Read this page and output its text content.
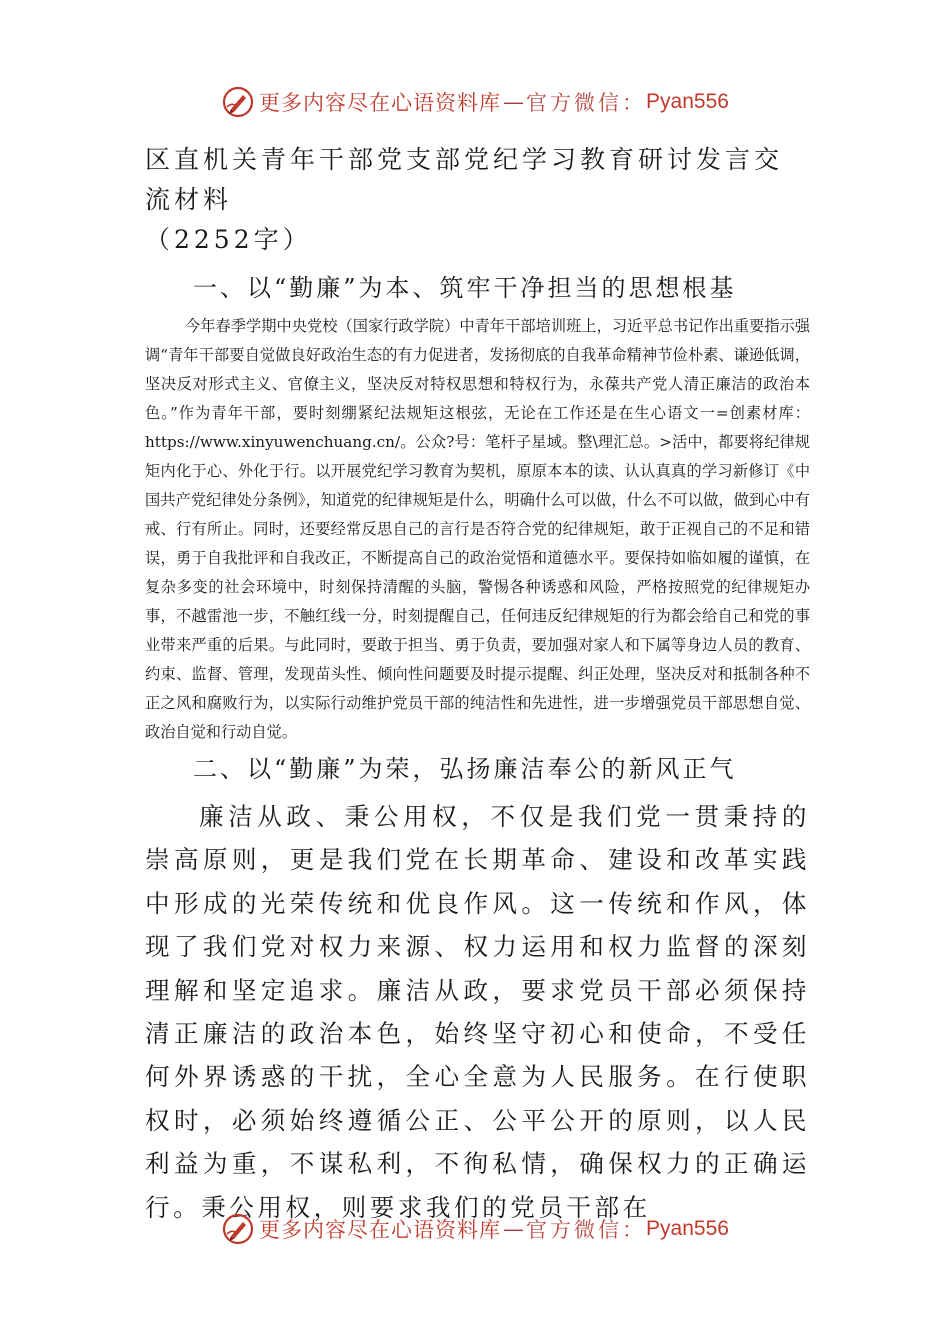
更多内容尽在心语资料库 — 官方微信： Pyan556
区直机关青年干部党支部党纪学习教育研讨发言交流材料
（2252字）
一、以“勤廉”为本、筑牢干净担当的思想根基

今年春季学期中央党校（国家行政学院）中青年干部培训班上，习近平总书记作出重要指示强调“青年干部要自觉做良好政治生态的有力促进者，发扬彻底的自我革命精神节俭朴素、谦逊低调，坚决反对形式主义、官僚主义，坚决反对特权思想和特权行为，永葆共产党人清正廉洁的政治本色。”作为青年干部，要时刻绷紧纪法规矩这根弦，无论在工作还是在生心语文一=创素材库：https://www.xinyuwenchuang.cn/。公众?号：笔杆子星域。整\理汇总。>活中，都要将纪律规矩内化于心、外化于行。以开展党纪学习教育为契机，原原本本的读、认认真真的学习新修订《中国共产党纪律处分条例》，知道党的纪律规矩是什么，明确什么可以做，什么不可以做，做到心中有戒、行有所止。同时，还要经常反思自己的言行是否符合党的纪律规矩，敢于正视自己的不足和错误，勇于自我批评和自我改正，不断提高自己的政治觉悟和道德水平。要保持如临如履的谨慎，在复杂多变的社会环境中，时刻保持清醒的头脑，警惕各种诱惑和风险，严格按照党的纪律规矩办事，不越雷池一步，不触红线一分，时刻提醒自己，任何违反纪律规矩的行为都会给自己和党的事业带来严重的后果。与此同时，要敢于担当、勇于负责，要加强对家人和下属等身边人员的教育、约束、监督、管理，发现苗头性、倾向性问题要及时提示提醒、纠正处理，坚决反对和抵制各种不正之风和腐败行为，以实际行动维护党员干部的纯洁性和先进性，进一步增强党员干部思想自觉、政治自觉和行动自觉。

二、以“勤廉”为荣，弘扬廉洁奉公的新风正气

廉洁从政、秉公用权，不仅是我们党一贯秉持的崇高原则，更是我们党在长期革命、建设和改革实践中形成的光荣传统和优良作风。这一传统和作风，体现了我们党对权力来源、权力运用和权力监督的深刻理解和坚定追求。廉洁从政，要求党员干部必须保持清正廉洁的政治本色，始终坚守初心和使命，不受任何外界诱惑的干扰，全心全意为人民服务。在行使职权时，必须始终遵循公正、公平公开的原则，以人民利益为重，不谋私利，不徇私情，确保权力的正确运行。秉公用权，则要求我们的党员干部在

更多内容尽在心语资料库 — 官方微信： Pyan556
